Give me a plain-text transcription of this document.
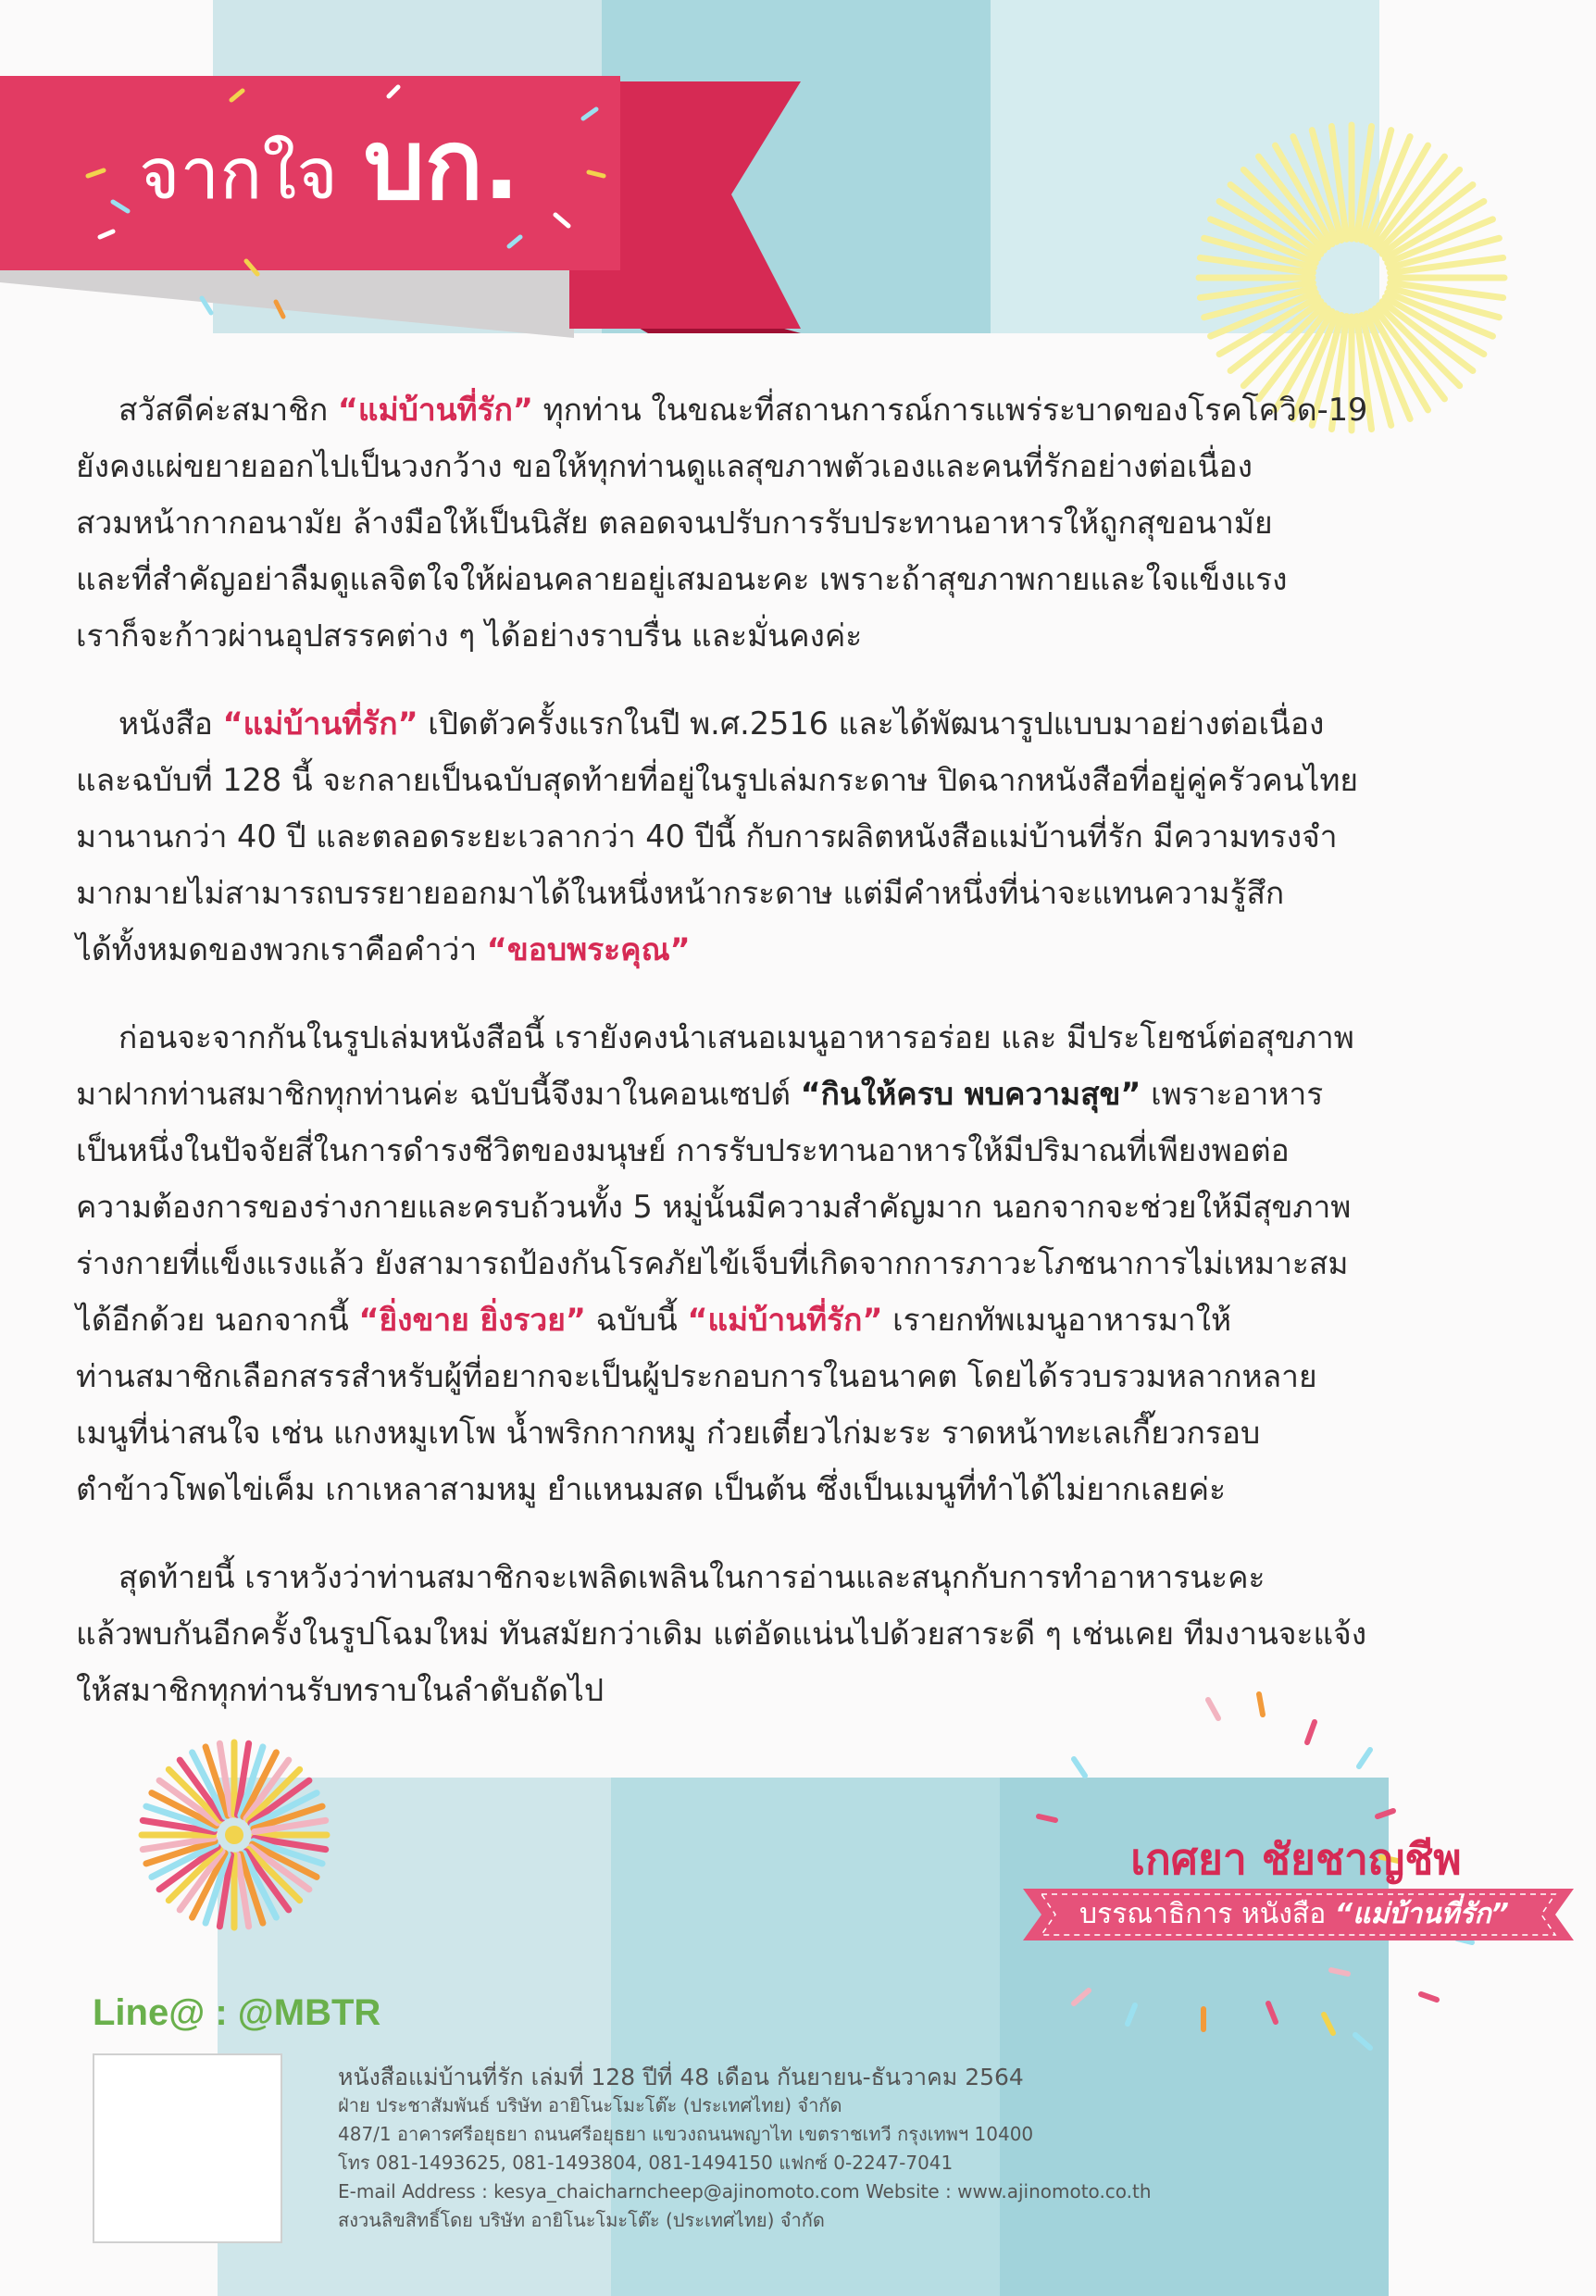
จากใจ บก.

สวัสดีค่ะสมาชิก “แม่บ้านที่รัก” ทุกท่าน ในขณะที่สถานการณ์การแพร่ระบาดของโรคโควิด-19
ยังคงแผ่ขยายออกไปเป็นวงกว้าง ขอให้ทุกท่านดูแลสุขภาพตัวเองและคนที่รักอย่างต่อเนื่อง
สวมหน้ากากอนามัย ล้างมือให้เป็นนิสัย ตลอดจนปรับการรับประทานอาหารให้ถูกสุขอนามัย
และที่สำคัญอย่าลืมดูแลจิตใจให้ผ่อนคลายอยู่เสมอนะคะ เพราะถ้าสุขภาพกายและใจแข็งแรง
เราก็จะก้าวผ่านอุปสรรคต่าง ๆ ได้อย่างราบรื่น และมั่นคงค่ะ

หนังสือ “แม่บ้านที่รัก” เปิดตัวครั้งแรกในปี พ.ศ.2516 และได้พัฒนารูปแบบมาอย่างต่อเนื่อง
และฉบับที่ 128 นี้ จะกลายเป็นฉบับสุดท้ายที่อยู่ในรูปเล่มกระดาษ ปิดฉากหนังสือที่อยู่คู่ครัวคนไทย
มานานกว่า 40 ปี และตลอดระยะเวลากว่า 40 ปีนี้ กับการผลิตหนังสือแม่บ้านที่รัก มีความทรงจำ
มากมายไม่สามารถบรรยายออกมาได้ในหนึ่งหน้ากระดาษ แต่มีคำหนึ่งที่น่าจะแทนความรู้สึก
ได้ทั้งหมดของพวกเราคือคำว่า “ขอบพระคุณ”

ก่อนจะจากกันในรูปเล่มหนังสือนี้ เรายังคงนำเสนอเมนูอาหารอร่อย และ มีประโยชน์ต่อสุขภาพ
มาฝากท่านสมาชิกทุกท่านค่ะ ฉบับนี้จึงมาในคอนเซปต์ “กินให้ครบ พบความสุข” เพราะอาหาร
เป็นหนึ่งในปัจจัยสี่ในการดำรงชีวิตของมนุษย์ การรับประทานอาหารให้มีปริมาณที่เพียงพอต่อ
ความต้องการของร่างกายและครบถ้วนทั้ง 5 หมู่นั้นมีความสำคัญมาก นอกจากจะช่วยให้มีสุขภาพ
ร่างกายที่แข็งแรงแล้ว ยังสามารถป้องกันโรคภัยไข้เจ็บที่เกิดจากการภาวะโภชนาการไม่เหมาะสม
ได้อีกด้วย นอกจากนี้ “ยิ่งขาย ยิ่งรวย” ฉบับนี้ “แม่บ้านที่รัก” เรายกทัพเมนูอาหารมาให้
ท่านสมาชิกเลือกสรรสำหรับผู้ที่อยากจะเป็นผู้ประกอบการในอนาคต โดยได้รวบรวมหลากหลาย
เมนูที่น่าสนใจ เช่น แกงหมูเทโพ น้ำพริกกากหมู ก๋วยเตี๋ยวไก่มะระ ราดหน้าทะเลเกี๊ยวกรอบ
ตำข้าวโพดไข่เค็ม เกาเหลาสามหมู ยำแหนมสด เป็นต้น ซึ่งเป็นเมนูที่ทำได้ไม่ยากเลยค่ะ

สุดท้ายนี้ เราหวังว่าท่านสมาชิกจะเพลิดเพลินในการอ่านและสนุกกับการทำอาหารนะคะ
แล้วพบกันอีกครั้งในรูปโฉมใหม่ ทันสมัยกว่าเดิม แต่อัดแน่นไปด้วยสาระดี ๆ เช่นเคย ทีมงานจะแจ้ง
ให้สมาชิกทุกท่านรับทราบในลำดับถัดไป

เกศยา ชัยชาญชีพ
บรรณาธิการ หนังสือ “แม่บ้านที่รัก”
Line@ : @MBTR
หนังสือแม่บ้านที่รัก เล่มที่ 128 ปีที่ 48 เดือน กันยายน-ธันวาคม 2564
ฝ่าย ประชาสัมพันธ์ บริษัท อายิโนะโมะโต๊ะ (ประเทศไทย) จำกัด
487/1 อาคารศรีอยุธยา ถนนศรีอยุธยา แขวงถนนพญาไท เขตราชเทวี กรุงเทพฯ 10400
โทร 081-1493625, 081-1493804, 081-1494150 แฟกซ์ 0-2247-7041
E-mail Address : kesya_chaicharncheep@ajinomoto.com Website : www.ajinomoto.co.th
สงวนลิขสิทธิ์โดย บริษัท อายิโนะโมะโต๊ะ (ประเทศไทย) จำกัด
